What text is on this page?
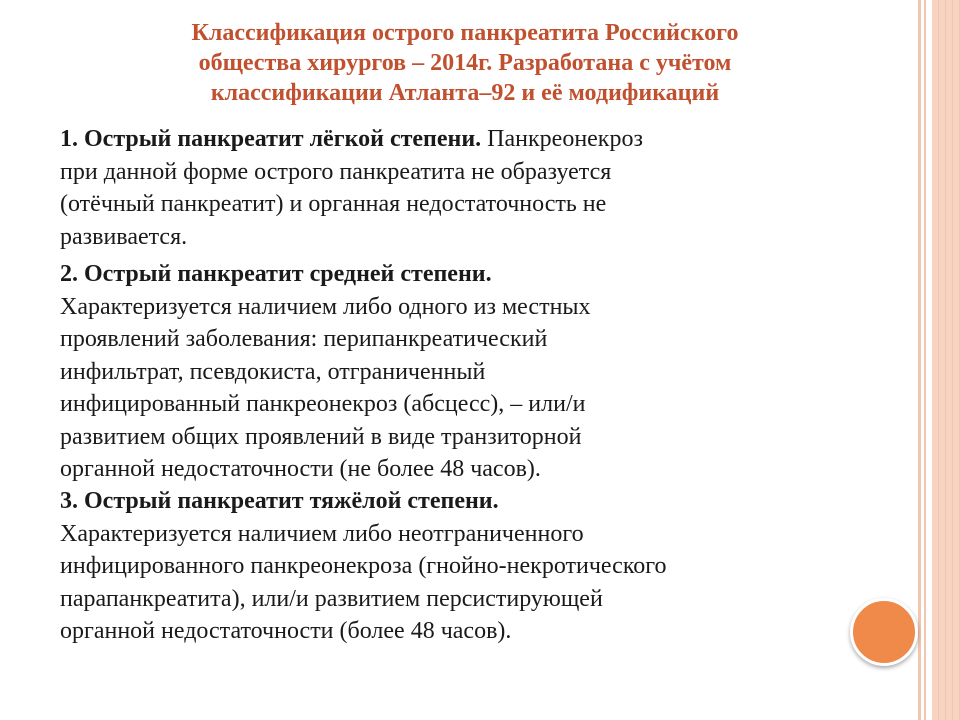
Классификация острого панкреатита Российского
общества хирургов – 2014г. Разработана с учётом
классификации Атланта–92 и её модификаций
1. Острый панкреатит лёгкой степени. Панкреонекроз
при данной форме острого панкреатита не образуется
(отёчный панкреатит) и органная недостаточность не
развивается.
2. Острый панкреатит средней степени.
Характеризуется наличием либо одного из местных
проявлений заболевания: перипанкреатический
инфильтрат, псевдокиста, отграниченный
инфицированный панкреонекроз (абсцесс), – или/и
развитием общих проявлений в виде транзиторной
органной недостаточности (не более 48 часов).
3. Острый панкреатит тяжёлой степени.
Характеризуется наличием либо неотграниченного
инфицированного панкреонекроза (гнойно-некротического
парапанкреатита), или/и развитием персистирующей
органной недостаточности (более 48 часов).
